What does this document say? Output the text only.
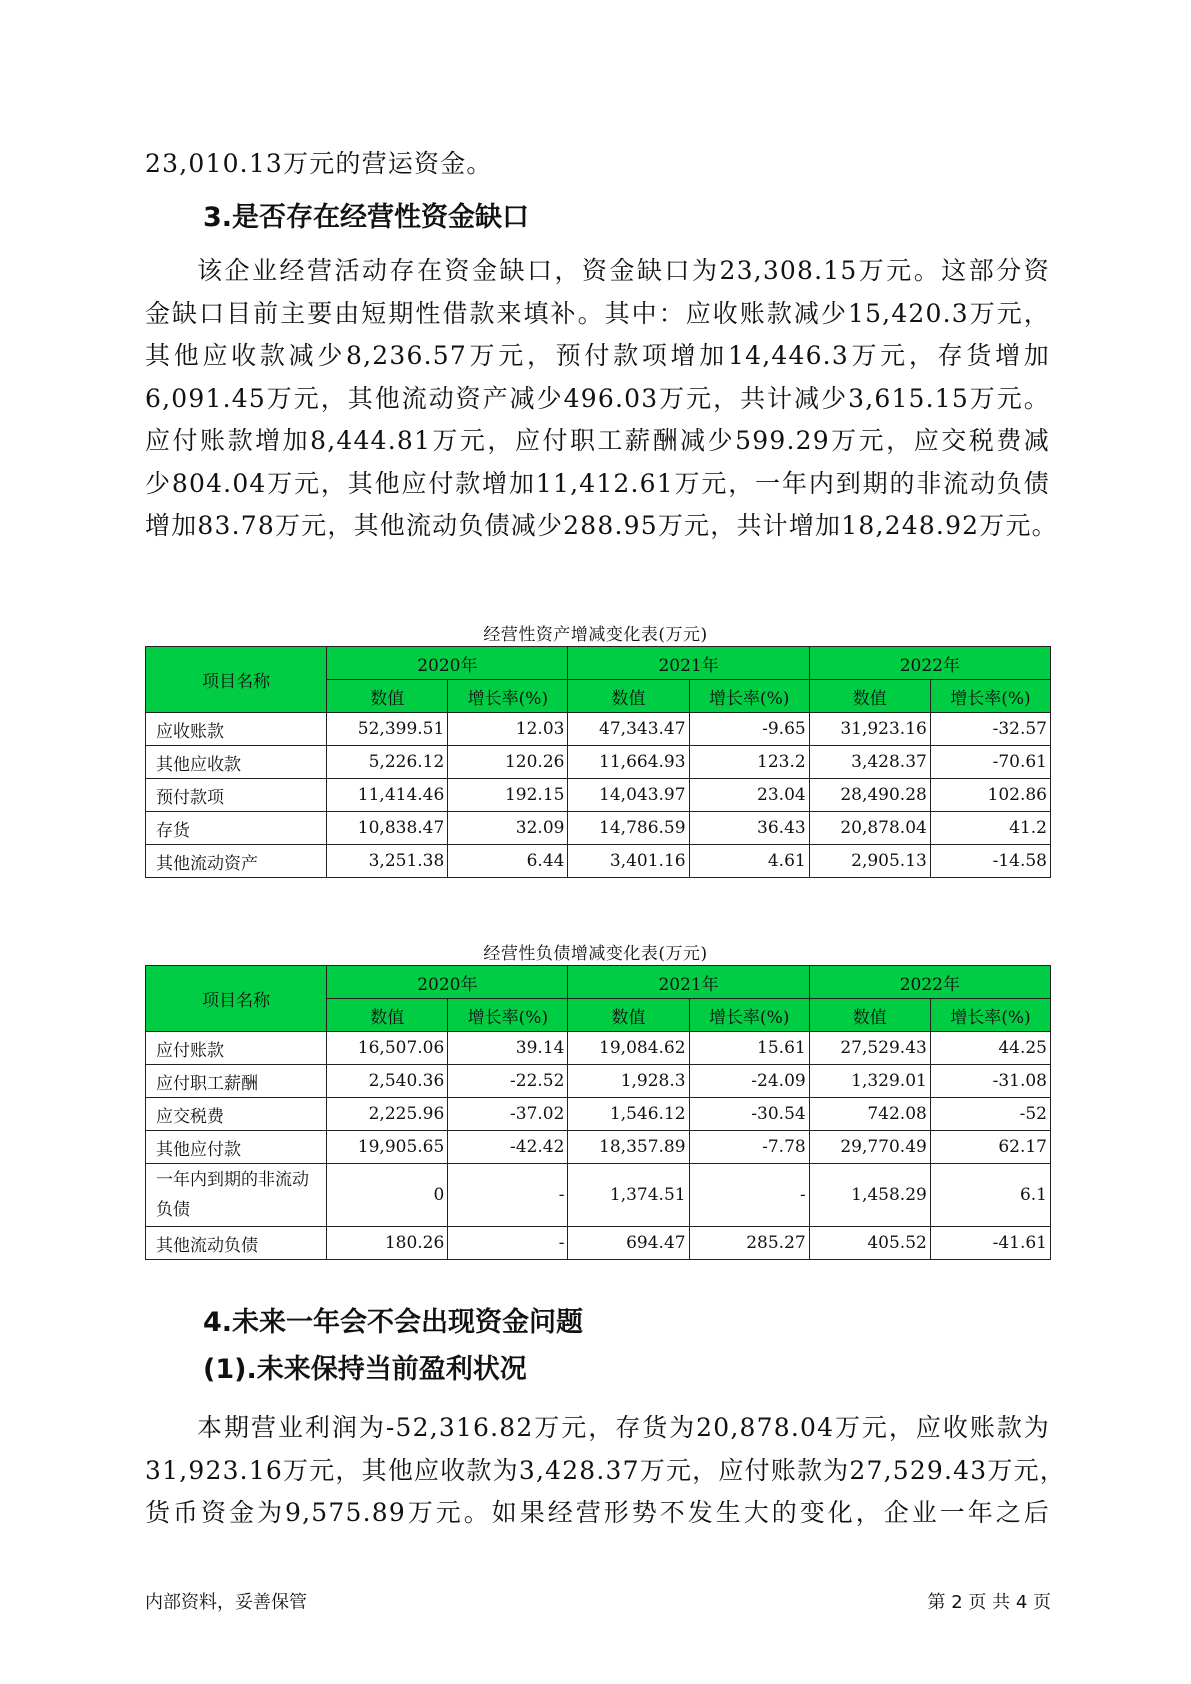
23,010.13万元的营运资金。

3.是否存在经营性资金缺口

该企业经营活动存在资金缺口，资金缺口为23,308.15万元。这部分资
金缺口目前主要由短期性借款来填补。其中：应收账款减少15,420.3万元，
其他应收款减少8,236.57万元，预付款项增加14,446.3万元，存货增加
6,091.45万元，其他流动资产减少496.03万元，共计减少3,615.15万元。
应付账款增加8,444.81万元，应付职工薪酬减少599.29万元，应交税费减
少804.04万元，其他应付款增加11,412.61万元，一年内到期的非流动负债
增加83.78万元，其他流动负债减少288.95万元，共计增加18,248.92万元。

经营性资产增减变化表(万元)

项目名称	2020年		2021年		2022年	
	数值	增长率(%)	数值	增长率(%)	数值	增长率(%)
应收账款	52,399.51	12.03	47,343.47	-9.65	31,923.16	-32.57
其他应收款	5,226.12	120.26	11,664.93	123.2	3,428.37	-70.61
预付款项	11,414.46	192.15	14,043.97	23.04	28,490.28	102.86
存货	10,838.47	32.09	14,786.59	36.43	20,878.04	41.2
其他流动资产	3,251.38	6.44	3,401.16	4.61	2,905.13	-14.58

经营性负债增减变化表(万元)

项目名称	2020年		2021年		2022年	
	数值	增长率(%)	数值	增长率(%)	数值	增长率(%)
应付账款	16,507.06	39.14	19,084.62	15.61	27,529.43	44.25
应付职工薪酬	2,540.36	-22.52	1,928.3	-24.09	1,329.01	-31.08
应交税费	2,225.96	-37.02	1,546.12	-30.54	742.08	-52
其他应付款	19,905.65	-42.42	18,357.89	-7.78	29,770.49	62.17
一年内到期的非流动负债	0	-	1,374.51	-	1,458.29	6.1
其他流动负债	180.26	-	694.47	285.27	405.52	-41.61
4.未来一年会不会出现资金问题
(1).未来保持当前盈利状况

本期营业利润为-52,316.82万元，存货为20,878.04万元，应收账款为
31,923.16万元，其他应收款为3,428.37万元，应付账款为27,529.43万元，
货币资金为9,575.89万元。如果经营形势不发生大的变化，企业一年之后

内部资料，妥善保管	第 2 页 共 4 页
